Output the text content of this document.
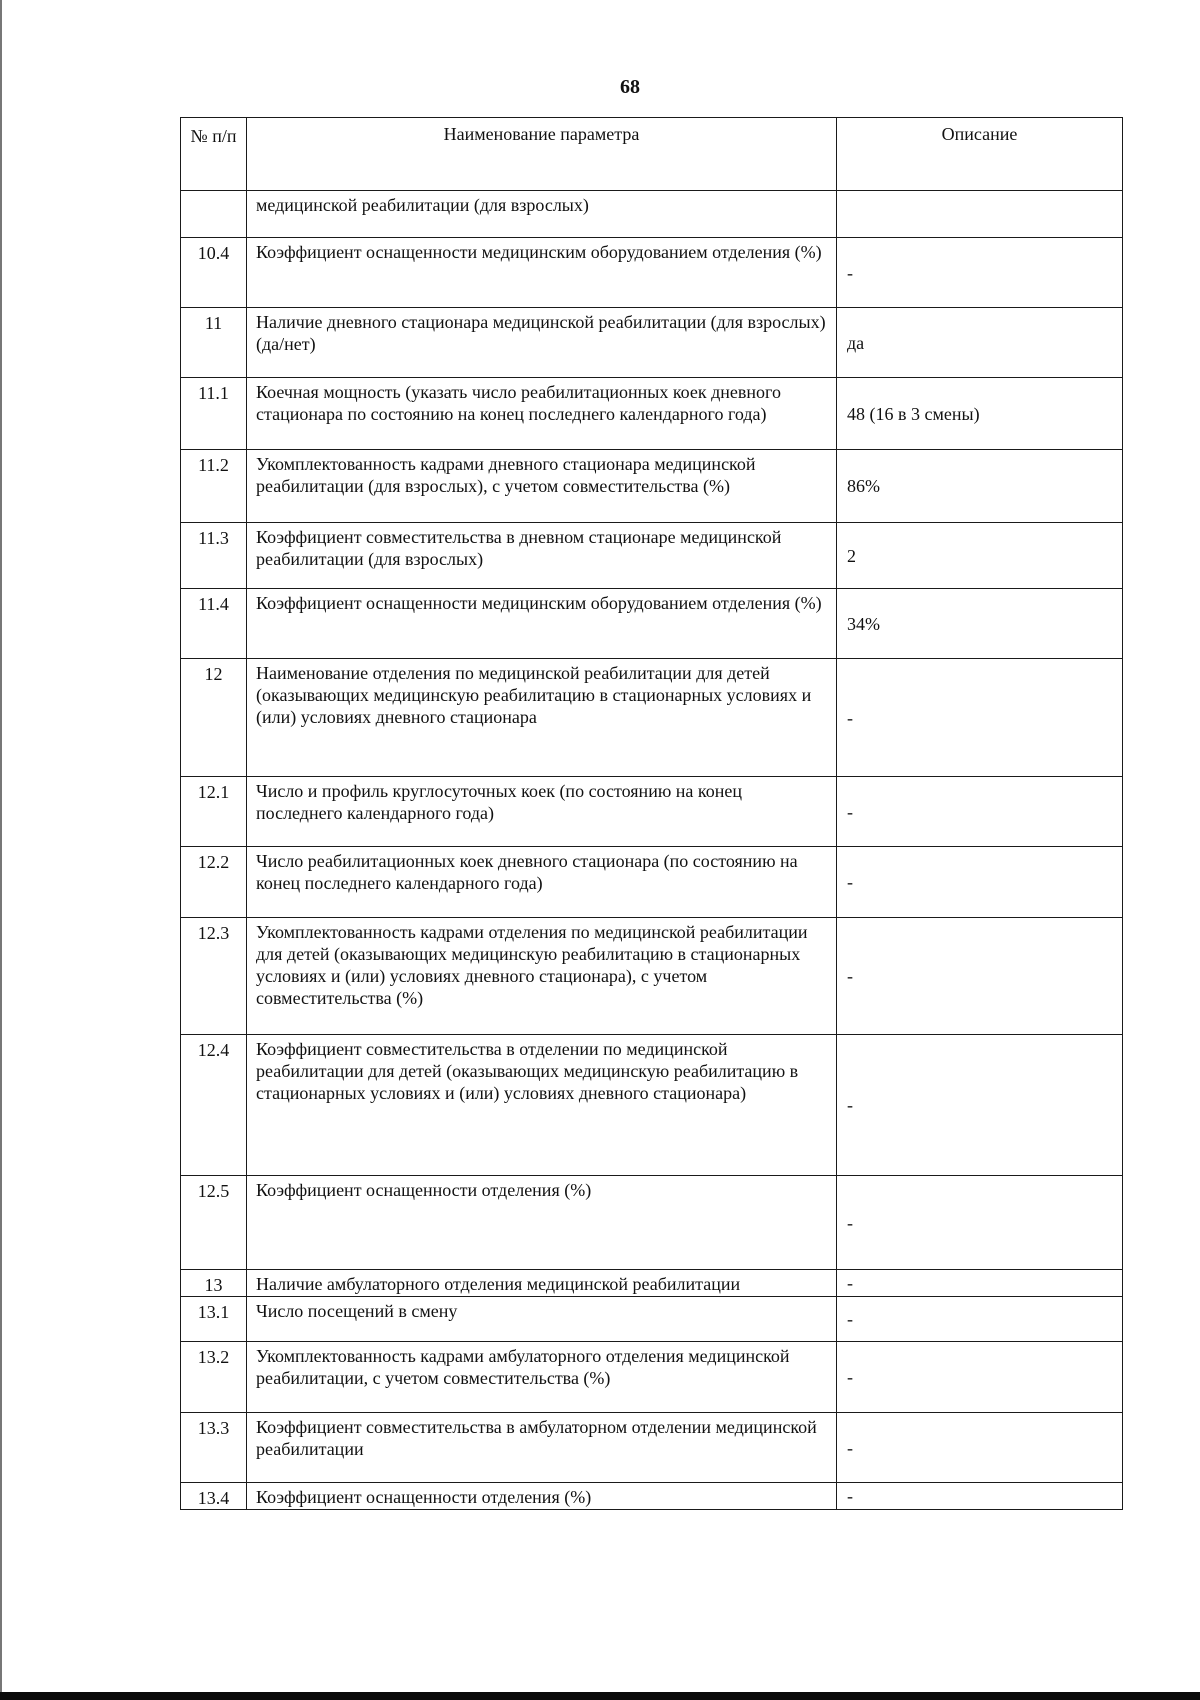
68
№ п/п	Наименование параметра	Описание
	медицинской реабилитации (для взрослых)	
10.4	Коэффициент оснащенности медицинским оборудованием отделения (%)	-
11	Наличие дневного стационара медицинской реабилитации (для взрослых) (да/нет)	да
11.1	Коечная мощность (указать число реабилитационных коек дневного стационара по состоянию на конец последнего календарного года)	48 (16 в 3 смены)
11.2	Укомплектованность кадрами дневного стационара медицинской реабилитации (для взрослых), с учетом совместительства (%)	86%
11.3	Коэффициент совместительства в дневном стационаре медицинской реабилитации (для взрослых)	2
11.4	Коэффициент оснащенности медицинским оборудованием отделения (%)	34%
12	Наименование отделения по медицинской реабилитации для детей (оказывающих медицинскую реабилитацию в стационарных условиях и (или) условиях дневного стационара	-
12.1	Число и профиль круглосуточных коек (по состоянию на конец последнего календарного года)	-
12.2	Число реабилитационных коек дневного стационара (по состоянию на конец последнего календарного года)	-
12.3	Укомплектованность кадрами отделения по медицинской реабилитации для детей (оказывающих медицинскую реабилитацию в стационарных условиях и (или) условиях дневного стационара), с учетом совместительства (%)	-
12.4	Коэффициент совместительства в отделении по медицинской реабилитации для детей (оказывающих медицинскую реабилитацию в стационарных условиях и (или) условиях дневного стационара)	-
12.5	Коэффициент оснащенности отделения (%)	-
13	Наличие амбулаторного отделения медицинской реабилитации	-
13.1	Число посещений в смену	-
13.2	Укомплектованность кадрами амбулаторного отделения медицинской реабилитации, с учетом совместительства (%)	-
13.3	Коэффициент совместительства в амбулаторном отделении медицинской реабилитации	-
13.4	Коэффициент оснащенности отделения (%)	-
